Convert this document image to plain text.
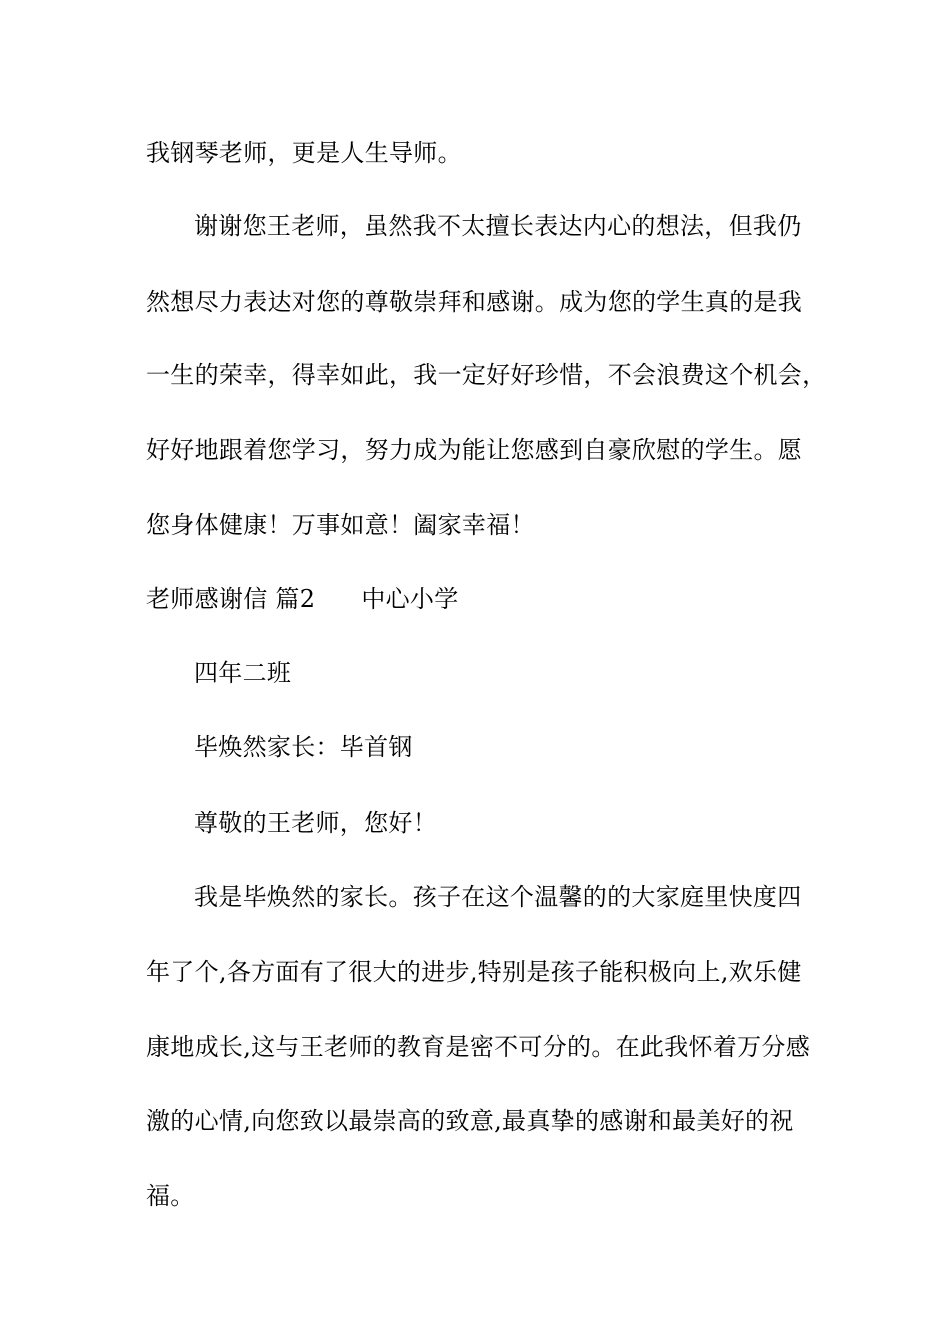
我钢琴老师，更是人生导师。
谢谢您王老师，虽然我不太擅长表达内心的想法，但我仍
然想尽力表达对您的尊敬崇拜和感谢。成为您的学生真的是我
一生的荣幸，得幸如此，我一定好好珍惜，不会浪费这个机会，
好好地跟着您学习，努力成为能让您感到自豪欣慰的学生。愿
您身体健康！万事如意！阖家幸福！
老师感谢信 篇2 中心小学
四年二班
毕焕然家长：毕首钢
尊敬的王老师，您好！
我是毕焕然的家长。孩子在这个温馨的的大家庭里快度四
年了个,各方面有了很大的进步,特别是孩子能积极向上,欢乐健
康地成长,这与王老师的教育是密不可分的。在此我怀着万分感
激的心情,向您致以最崇高的致意,最真挚的感谢和最美好的祝
福。
